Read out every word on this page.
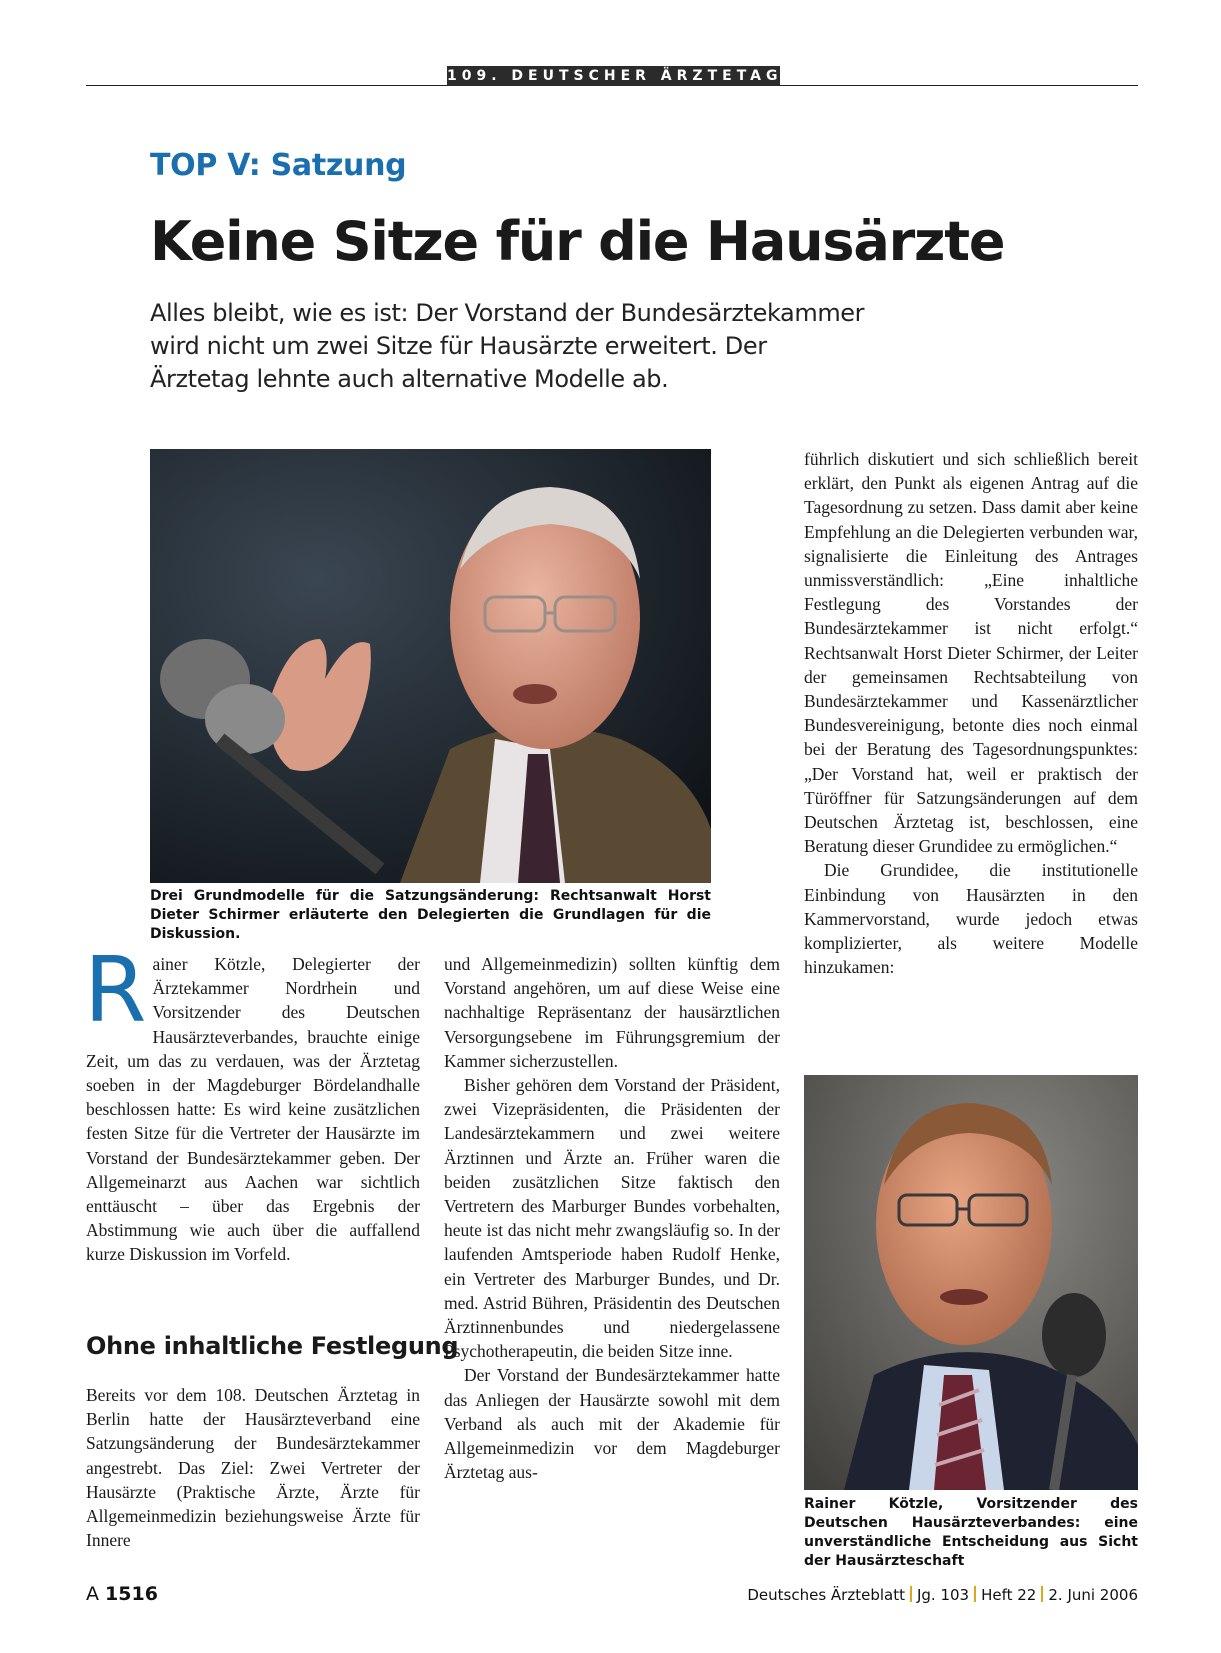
109. DEUTSCHER ÄRZTETAG
TOP V: Satzung
Keine Sitze für die Hausärzte
Alles bleibt, wie es ist: Der Vorstand der Bundesärztekammer wird nicht um zwei Sitze für Hausärzte erweitert. Der Ärztetag lehnte auch alternative Modelle ab.
Drei Grundmodelle für die Satzungsänderung: Rechtsanwalt Horst Dieter Schirmer erläuterte den Delegierten die Grundlagen für die Diskussion.

Rainer Kötzle, Delegierter der Ärztekammer Nordrhein und Vorsitzender des Deutschen Hausärzteverbandes, brauchte einige Zeit, um das zu verdauen, was der Ärztetag soeben in der Magdeburger Bördelandhalle beschlossen hatte: Es wird keine zusätzlichen festen Sitze für die Vertreter der Hausärzte im Vorstand der Bundesärztekammer geben. Der Allgemeinarzt aus Aachen war sichtlich enttäuscht – über das Ergebnis der Abstimmung wie auch über die auffallend kurze Diskussion im Vorfeld.

Ohne inhaltliche Festlegung

Bereits vor dem 108. Deutschen Ärztetag in Berlin hatte der Hausärzteverband eine Satzungsänderung der Bundesärztekammer angestrebt. Das Ziel: Zwei Vertreter der Hausärzte (Praktische Ärzte, Ärzte für Allgemeinmedizin beziehungsweise Ärzte für Innere

und Allgemeinmedizin) sollten künftig dem Vorstand angehören, um auf diese Weise eine nachhaltige Repräsentanz der hausärztlichen Versorgungsebene im Führungsgremium der Kammer sicherzustellen.

Bisher gehören dem Vorstand der Präsident, zwei Vizepräsidenten, die Präsidenten der Landesärztekammern und zwei weitere Ärztinnen und Ärzte an. Früher waren die beiden zusätzlichen Sitze faktisch den Vertretern des Marburger Bundes vorbehalten, heute ist das nicht mehr zwangsläufig so. In der laufenden Amtsperiode haben Rudolf Henke, ein Vertreter des Marburger Bundes, und Dr. med. Astrid Bühren, Präsidentin des Deutschen Ärztinnenbundes und niedergelassene Psychotherapeutin, die beiden Sitze inne.

Der Vorstand der Bundesärztekammer hatte das Anliegen der Hausärzte sowohl mit dem Verband als auch mit der Akademie für Allgemeinmedizin vor dem Magdeburger Ärztetag aus-

führlich diskutiert und sich schließlich bereit erklärt, den Punkt als eigenen Antrag auf die Tagesordnung zu setzen. Dass damit aber keine Empfehlung an die Delegierten verbunden war, signalisierte die Einleitung des Antrages unmissverständlich: „Eine inhaltliche Festlegung des Vorstandes der Bundesärztekammer ist nicht erfolgt.“ Rechtsanwalt Horst Dieter Schirmer, der Leiter der gemeinsamen Rechtsabteilung von Bundesärztekammer und Kassenärztlicher Bundesvereinigung, betonte dies noch einmal bei der Beratung des Tagesordnungspunktes: „Der Vorstand hat, weil er praktisch der Türöffner für Satzungsänderungen auf dem Deutschen Ärztetag ist, beschlossen, eine Beratung dieser Grundidee zu ermöglichen.“

Die Grundidee, die institutionelle Einbindung von Hausärzten in den Kammervorstand, wurde jedoch etwas komplizierter, als weitere Modelle hinzukamen:

Rainer Kötzle, Vorsitzender des Deutschen Hausärzteverbandes: eine unverständliche Entscheidung aus Sicht der Hausärzteschaft
A 1516	Deutsches Ärzteblatt Jg. 103 Heft 22 2. Juni 2006
